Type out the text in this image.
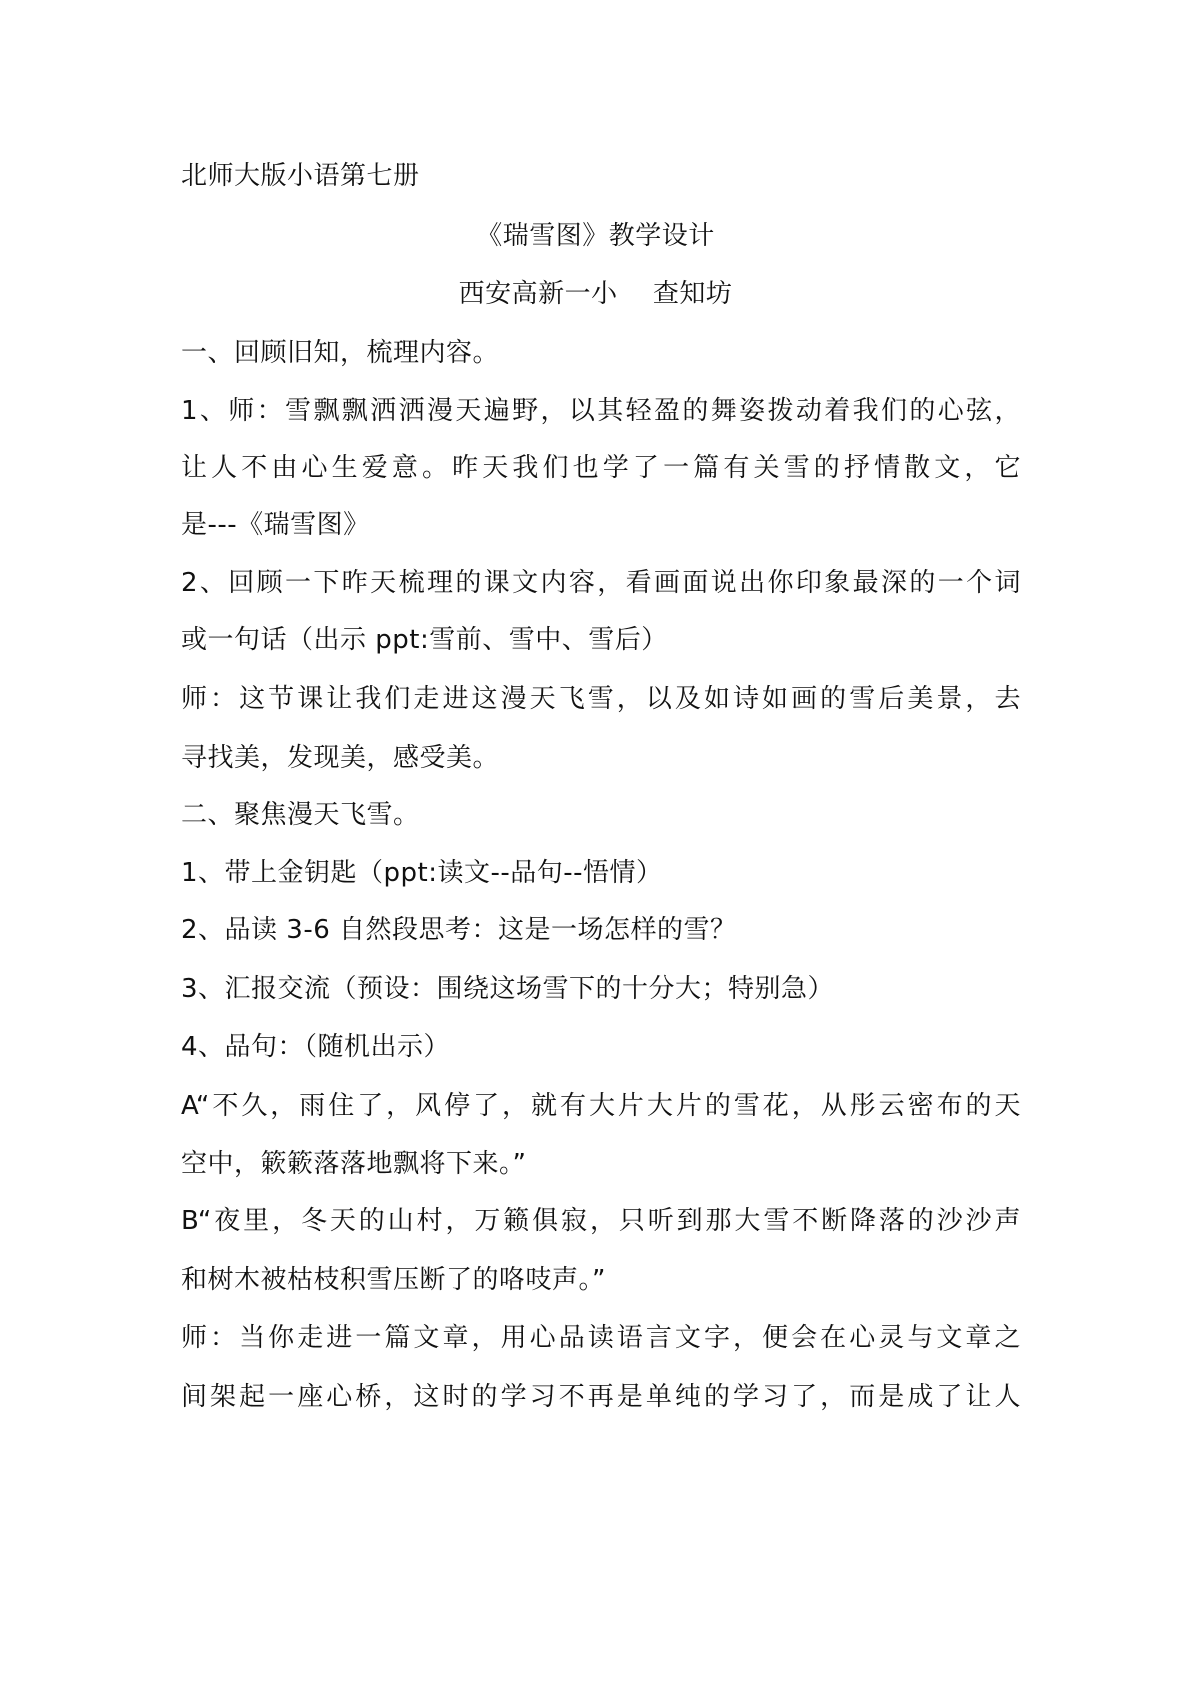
北师大版小语第七册
《瑞雪图》教学设计
西安高新一小　 查知坊
一、回顾旧知，梳理内容。
1、师：雪飘飘洒洒漫天遍野，以其轻盈的舞姿拨动着我们的心弦，
让人不由心生爱意。昨天我们也学了一篇有关雪的抒情散文，它
是---《瑞雪图》
2、回顾一下昨天梳理的课文内容，看画面说出你印象最深的一个词
或一句话（出示 ppt:雪前、雪中、雪后）
师：这节课让我们走进这漫天飞雪，以及如诗如画的雪后美景，去
寻找美，发现美，感受美。
二、聚焦漫天飞雪。
1、带上金钥匙（ppt:读文--品句--悟情）
2、品读 3-6 自然段思考：这是一场怎样的雪？
3、汇报交流（预设：围绕这场雪下的十分大；特别急）
4、品句：（随机出示）
A“不久，雨住了，风停了，就有大片大片的雪花，从彤云密布的天
空中，簌簌落落地飘将下来。”
B“夜里，冬天的山村，万籁俱寂，只听到那大雪不断降落的沙沙声
和树木被枯枝积雪压断了的咯吱声。”
师：当你走进一篇文章，用心品读语言文字，便会在心灵与文章之
间架起一座心桥，这时的学习不再是单纯的学习了，而是成了让人
